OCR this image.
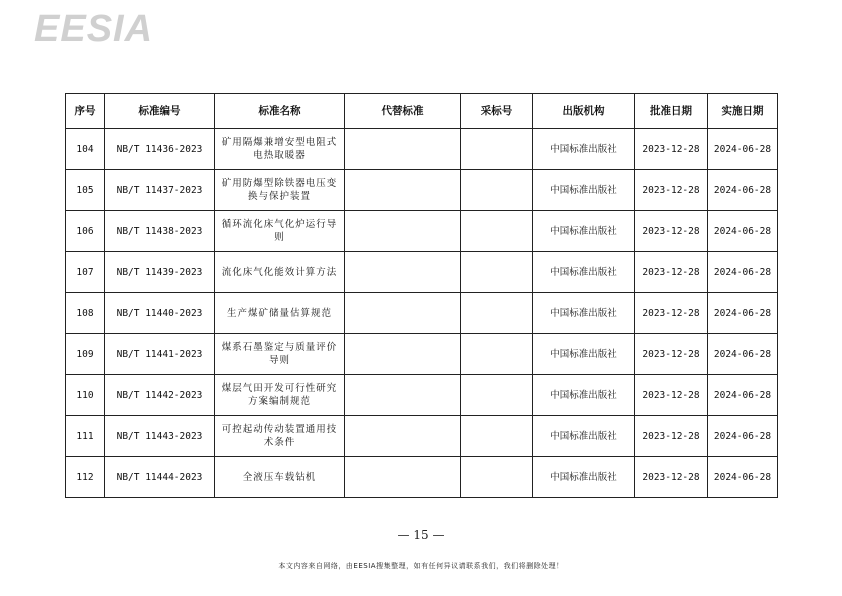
EESIA
序号	标准编号	标准名称	代替标准	采标号	出版机构	批准日期	实施日期
104	NB/T 11436-2023	矿用隔爆兼增安型电阻式电热取暖器			中国标准出版社	2023-12-28	2024-06-28
105	NB/T 11437-2023	矿用防爆型除铁器电压变换与保护装置			中国标准出版社	2023-12-28	2024-06-28
106	NB/T 11438-2023	循环流化床气化炉运行导则			中国标准出版社	2023-12-28	2024-06-28
107	NB/T 11439-2023	流化床气化能效计算方法			中国标准出版社	2023-12-28	2024-06-28
108	NB/T 11440-2023	生产煤矿储量估算规范			中国标准出版社	2023-12-28	2024-06-28
109	NB/T 11441-2023	煤系石墨鉴定与质量评价导则			中国标准出版社	2023-12-28	2024-06-28
110	NB/T 11442-2023	煤层气田开发可行性研究方案编制规范			中国标准出版社	2023-12-28	2024-06-28
111	NB/T 11443-2023	可控起动传动装置通用技术条件			中国标准出版社	2023-12-28	2024-06-28
112	NB/T 11444-2023	全液压车载钻机			中国标准出版社	2023-12-28	2024-06-28
— 15 —
本文内容来自网络，由EESIA搜集整理，如有任何异议请联系我们，我们将删除处理！
